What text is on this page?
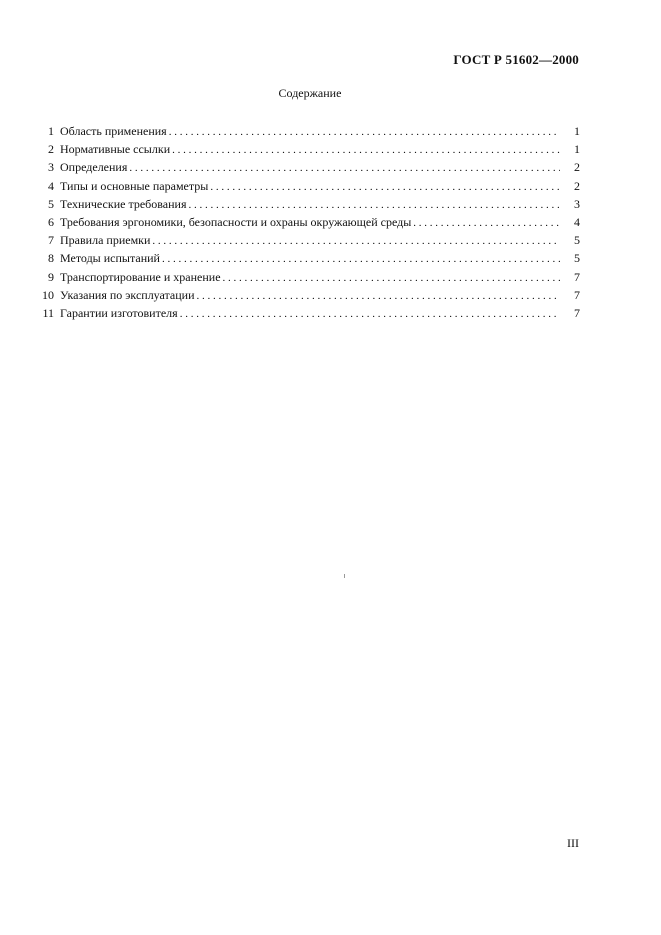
ГОСТ Р 51602—2000
Содержание
1 Область применения . . .	1
2 Нормативные ссылки . . .	1
3 Определения . . .	2
4 Типы и основные параметры . . .	2
5 Технические требования . . .	3
6 Требования эргономики, безопасности и охраны окружающей среды . . .	4
7 Правила приемки . . .	5
8 Методы испытаний . . .	5
9 Транспортирование и хранение . . .	7
10 Указания по эксплуатации . . .	7
11 Гарантии изготовителя . . .	7
III
